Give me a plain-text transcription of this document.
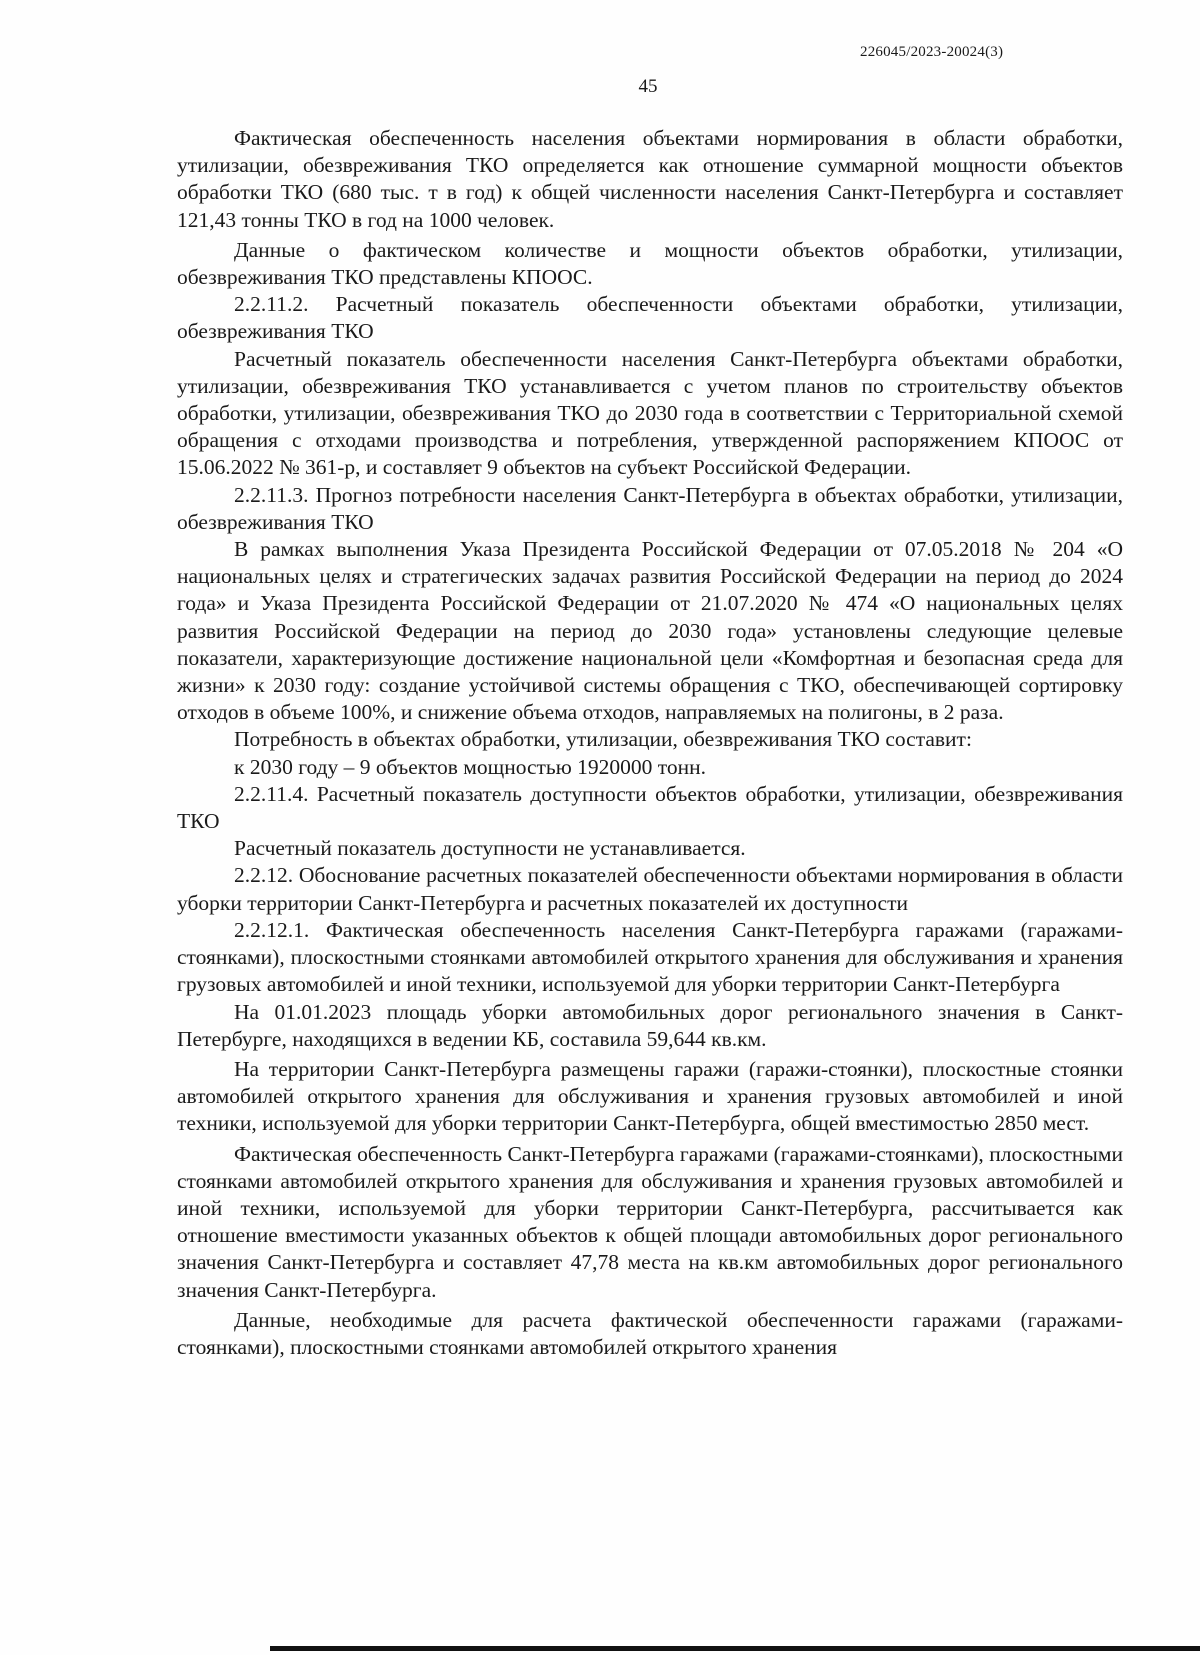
226045/2023-20024(3)
45

Фактическая обеспеченность населения объектами нормирования в области обработки, утилизации, обезвреживания ТКО определяется как отношение суммарной мощности объектов обработки ТКО (680 тыс. т в год) к общей численности населения Санкт-Петербурга и составляет 121,43 тонны ТКО в год на 1000 человек.

Данные о фактическом количестве и мощности объектов обработки, утилизации, обезвреживания ТКО представлены КПООС.

2.2.11.2. Расчетный показатель обеспеченности объектами обработки, утилизации, обезвреживания ТКО

Расчетный показатель обеспеченности населения Санкт-Петербурга объектами обработки, утилизации, обезвреживания ТКО устанавливается с учетом планов по строительству объектов обработки, утилизации, обезвреживания ТКО до 2030 года в соответствии с Территориальной схемой обращения с отходами производства и потребления, утвержденной распоряжением КПООС от 15.06.2022 № 361-р, и составляет 9 объектов на субъект Российской Федерации.

2.2.11.3. Прогноз потребности населения Санкт-Петербурга в объектах обработки, утилизации, обезвреживания ТКО

В рамках выполнения Указа Президента Российской Федерации от 07.05.2018 № 204 «О национальных целях и стратегических задачах развития Российской Федерации на период до 2024 года» и Указа Президента Российской Федерации от 21.07.2020 № 474 «О национальных целях развития Российской Федерации на период до 2030 года» установлены следующие целевые показатели, характеризующие достижение национальной цели «Комфортная и безопасная среда для жизни» к 2030 году: создание устойчивой системы обращения с ТКО, обеспечивающей сортировку отходов в объеме 100%, и снижение объема отходов, направляемых на полигоны, в 2 раза.

Потребность в объектах обработки, утилизации, обезвреживания ТКО составит:

к 2030 году – 9 объектов мощностью 1920000 тонн.

2.2.11.4. Расчетный показатель доступности объектов обработки, утилизации, обезвреживания ТКО

Расчетный показатель доступности не устанавливается.

2.2.12. Обоснование расчетных показателей обеспеченности объектами нормирования в области уборки территории Санкт-Петербурга и расчетных показателей их доступности

2.2.12.1. Фактическая обеспеченность населения Санкт-Петербурга гаражами (гаражами-стоянками), плоскостными стоянками автомобилей открытого хранения для обслуживания и хранения грузовых автомобилей и иной техники, используемой для уборки территории Санкт-Петербурга

На 01.01.2023 площадь уборки автомобильных дорог регионального значения в Санкт-Петербурге, находящихся в ведении КБ, составила 59,644 кв.км.

На территории Санкт-Петербурга размещены гаражи (гаражи-стоянки), плоскостные стоянки автомобилей открытого хранения для обслуживания и хранения грузовых автомобилей и иной техники, используемой для уборки территории Санкт-Петербурга, общей вместимостью 2850 мест.

Фактическая обеспеченность Санкт-Петербурга гаражами (гаражами-стоянками), плоскостными стоянками автомобилей открытого хранения для обслуживания и хранения грузовых автомобилей и иной техники, используемой для уборки территории Санкт-Петербурга, рассчитывается как отношение вместимости указанных объектов к общей площади автомобильных дорог регионального значения Санкт-Петербурга и составляет 47,78 места на кв.км автомобильных дорог регионального значения Санкт-Петербурга.

Данные, необходимые для расчета фактической обеспеченности гаражами (гаражами-стоянками), плоскостными стоянками автомобилей открытого хранения
